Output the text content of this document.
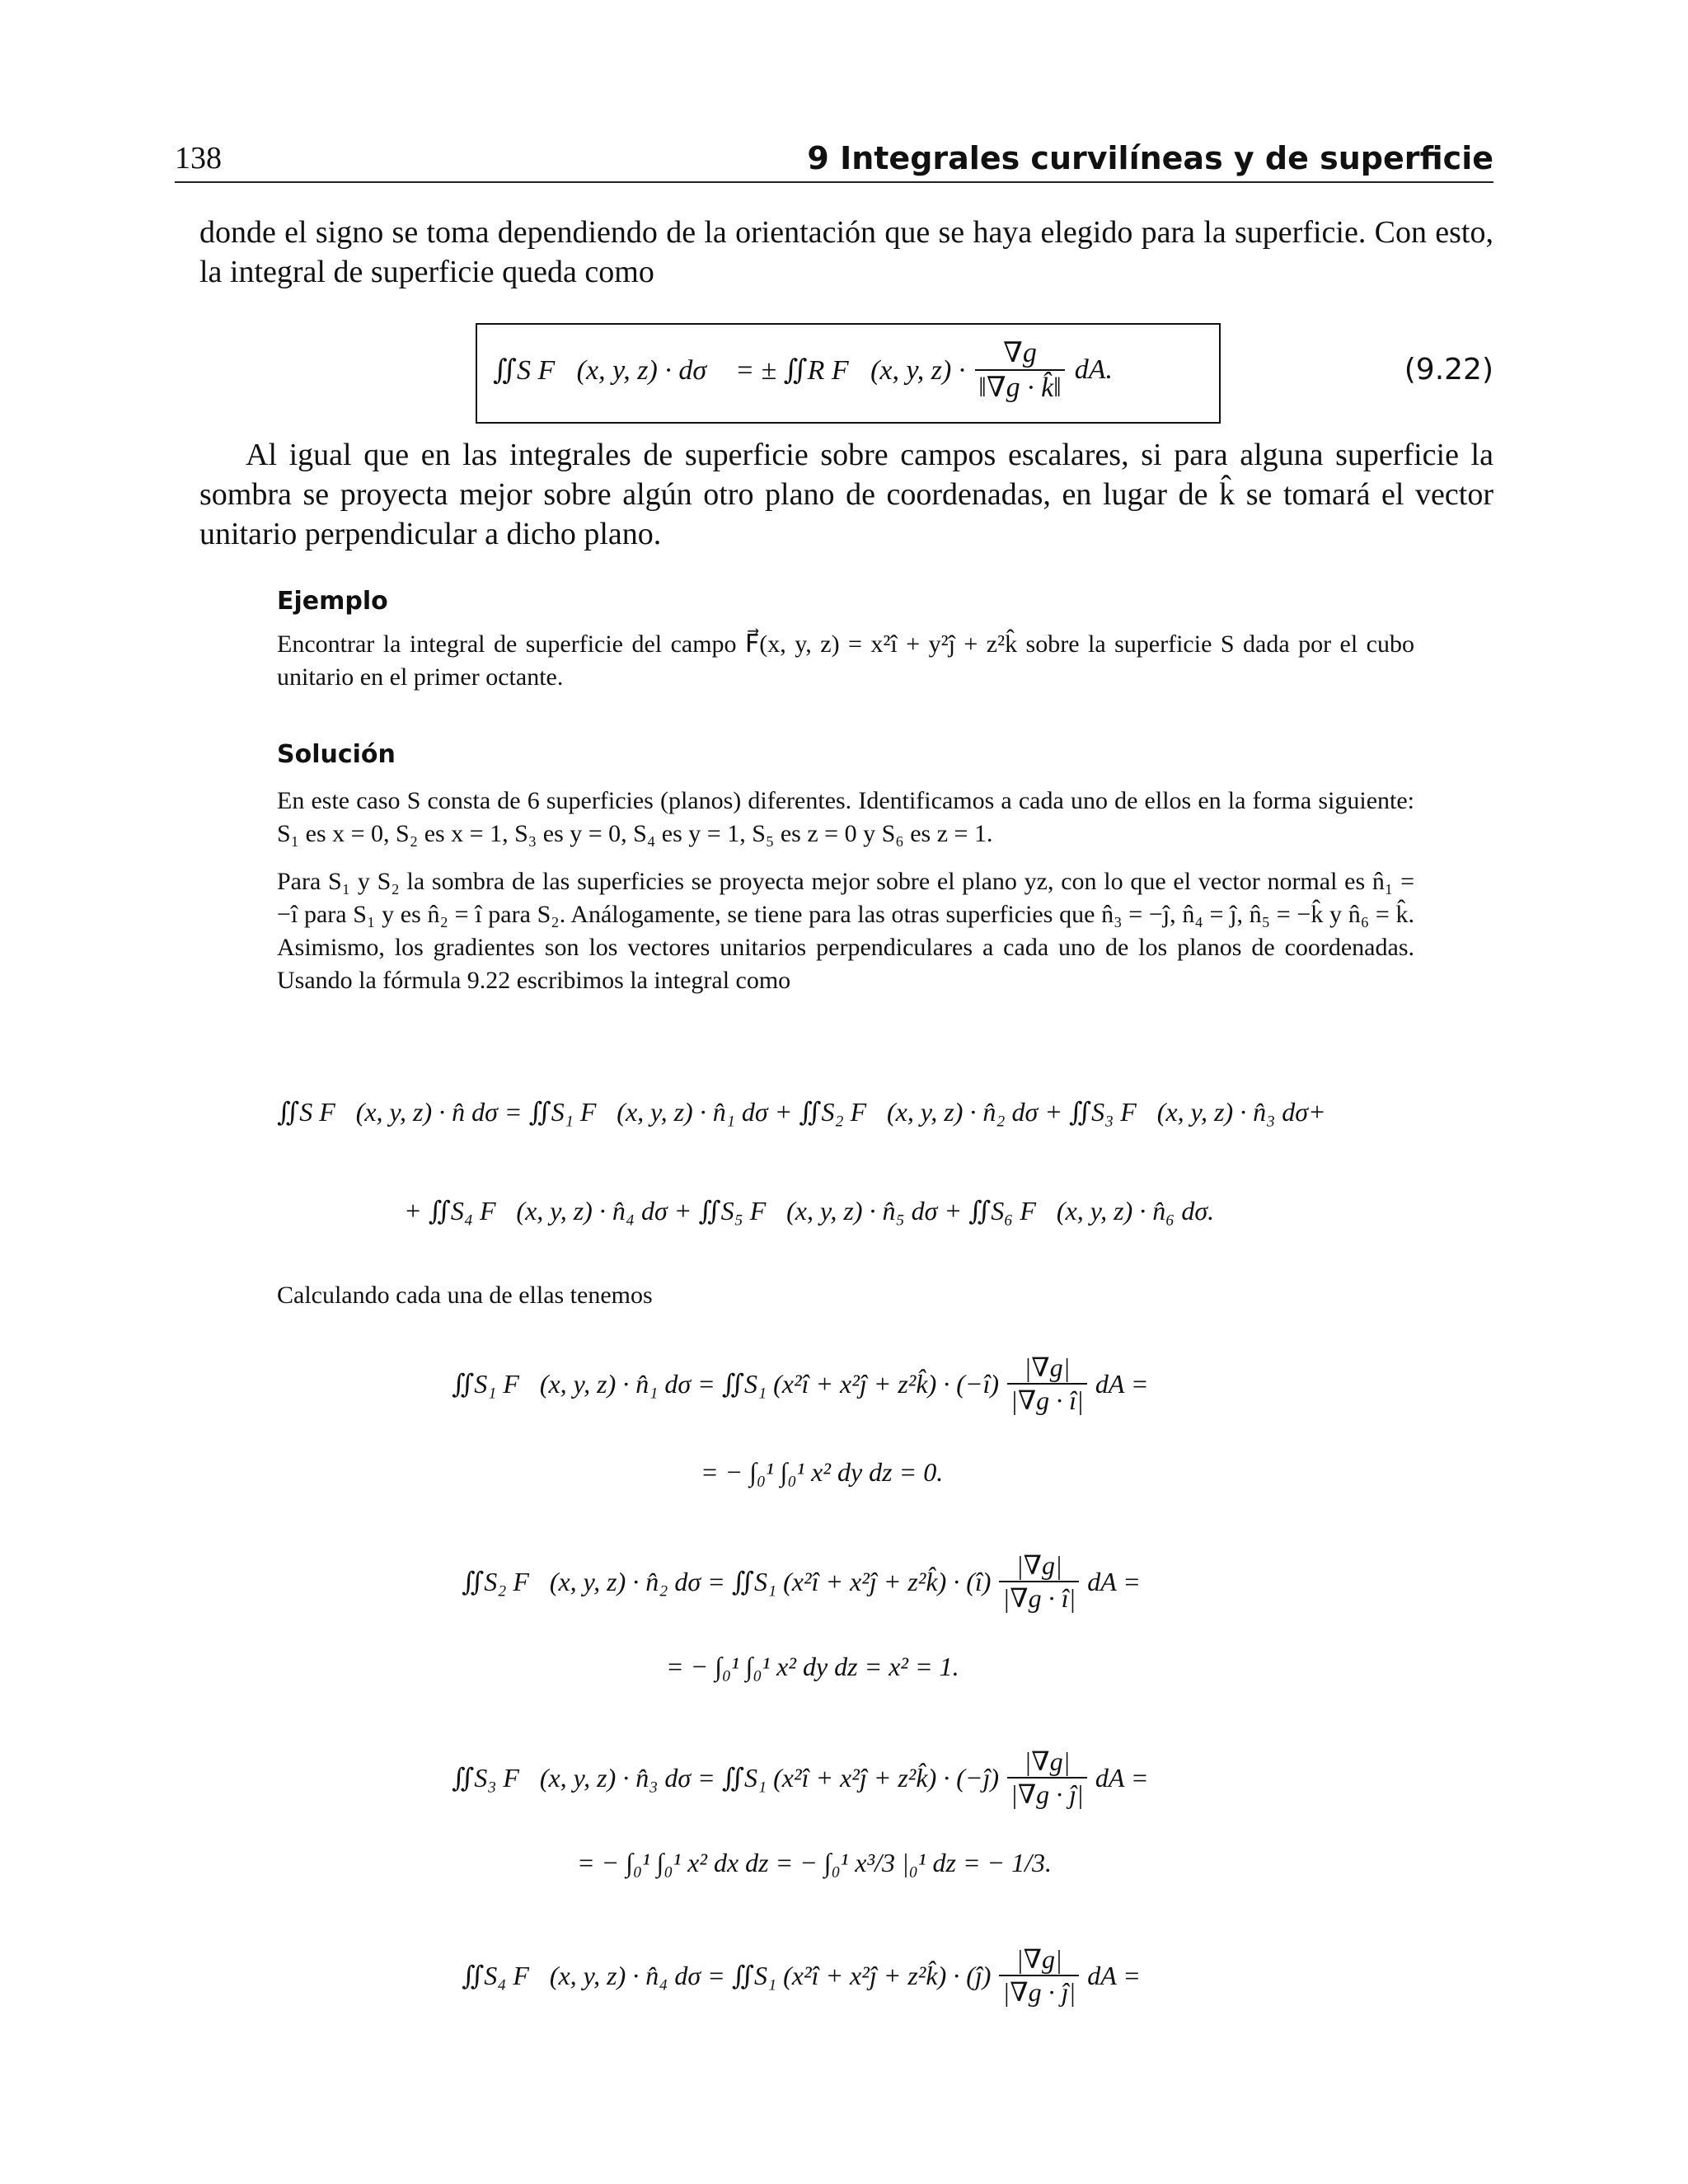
138	9 Integrales curvilíneas y de superficie
donde el signo se toma dependiendo de la orientación que se haya elegido para la superficie. Con esto, la integral de superficie queda como
∬S F⃗(x, y, z) · dσ⃗ = ± ∬R F⃗(x, y, $z) \cdot \frac{\nabla g}{‖\nabla g \cdot k̂‖}$ dA.	(9.22)
Al igual que en las integrales de superficie sobre campos escalares, si para alguna superficie la sombra se proyecta mejor sobre algún otro plano de coordenadas, en lugar de k̂ se tomará el vector unitario perpendicular a dicho plano.
Ejemplo
Encontrar la integral de superficie del campo F⃗(x, y, z) = x²î + y²ĵ + z²k̂ sobre la superficie S dada por el cubo unitario en el primer octante.
Solución
En este caso S consta de 6 superficies (planos) diferentes. Identificamos a cada uno de ellos en la forma siguiente: S₁ es x = 0, S₂ es x = 1, S₃ es y = 0, S₄ es y = 1, S₅ es z = 0 y S₆ es z = 1.
Para S₁ y S₂ la sombra de las superficies se proyecta mejor sobre el plano yz, con lo que el vector normal es n̂₁ = −î para S₁ y es n̂₂ = î para S₂. Análogamente, se tiene para las otras superficies que n̂₃ = −ĵ, n̂₄ = ĵ, n̂₅ = −k̂ y n̂₆ = k̂. Asimismo, los gradientes son los vectores unitarios perpendiculares a cada uno de los planos de coordenadas. Usando la fórmula 9.22 escribimos la integral como
∬S F⃗(x, y, z) · n̂ dσ = ∬S₁ F⃗(x, y, z) · n̂₁ dσ + ∬S₂ F⃗(x, y, z) · n̂₂ dσ + ∬S₃ F⃗(x, y, z) · n̂₃ dσ+
+ ∬S₄ F⃗(x, y, z) · n̂₄ dσ + ∬S₅ F⃗(x, y, z) · n̂₅ dσ + ∬S₆ F⃗(x, y, z) · n̂₆ dσ.
Calculando cada una de ellas tenemos
∬S₁ F⃗(x, y, z) · n̂₁ dσ = ∬S₁ (x²î + x²ĵ + z²k̂) · (−î) $\frac{|\nabla g|}{|\nabla g \cdot î|}$ dA =
= − ∫₀¹ ∫₀¹ x² dy dz = 0.
∬S₂ F⃗(x, y, z) · n̂₂ dσ = ∬S₁ (x²î + x²ĵ + z²k̂) · (î) $\frac{|\nabla g|}{|\nabla g \cdot î|}$ dA =
= − ∫₀¹ ∫₀¹ x² dy dz = x² = 1.
∬S₃ F⃗(x, y, z) · n̂₃ dσ = ∬S₁ (x²î + x²ĵ + z²k̂) · (−ĵ) $\frac{|\nabla g|}{|\nabla g \cdot ĵ|}$ dA =
= − ∫₀¹ ∫₀¹ x² dx dz = − ∫₀¹ x³/3 |₀¹ dz = − 1/3.
∬S₄ F⃗(x, y, z) · n̂₄ dσ = ∬S₁ (x²î + x²ĵ + z²k̂) · (ĵ) $\frac{|\nabla g|}{|\nabla g \cdot ĵ|}$ dA =
